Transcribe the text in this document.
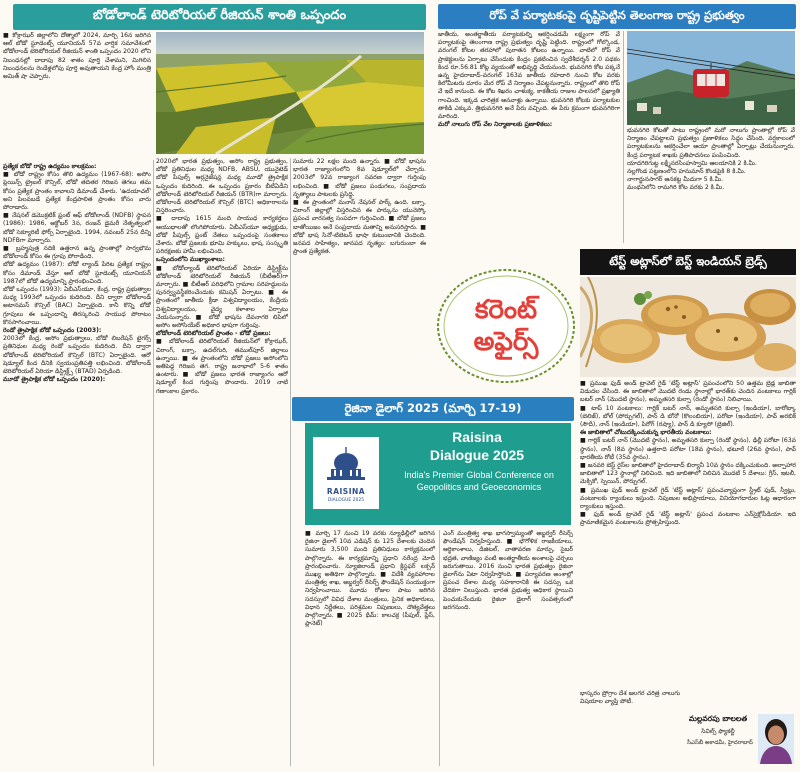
బోడోలాండ్ టెరిటోరియల్ రీజియన్ శాంతి ఒప్పందం
■ కోక్రాఝర్ జిల్లాలోని దోత్మాలో 2024, మార్చి 16న జరిగిన ఆల్ బోడో స్టూడెంట్స్ యూనియన్ 57వ వార్షిక సమావేశంలో బోడోలాండ్ టెరిటోరియల్ రీజియన్ శాంతి ఒప్పందం 2020 లోని నిబంధనల్లో దాదాపు 82 శాతం పూర్తి చేశామని, మిగిలిన నిబంధనలను రెండేళ్లలోపు పూర్తి అవుతాయని కేంద్ర హోం మంత్రి అమిత్ షా చెప్పారు.
ప్రత్యేక బోడో రాష్ట్ర ఉద్యమం కాలక్రమం:
■ బోడో రాష్ట్రం కోసం తొలి ఉద్యమం (1967-68): అసోం ప్లెయిన్స్ ట్రైబల్ కౌన్సిల్, బోడో తదితర గిరిజన తెగలు తమ కోసం ప్రత్యేక ప్రాంతం కావాలని డిమాండ్ చేశారు. 'ఉదయాచల్' అని పిలవబడే ప్రత్యేక కేంద్రపాలిత ప్రాంతం కోసం వారు పోరాడారు.
■ నేషనల్ డెమొక్రటిక్ ఫ్రంట్ ఆఫ్ బోడోలాండ్ (NDFB) స్థాపన (1986): 1986, అక్టోబర్ 3న, రంజన్ డైమరీ నేతృత్వంలో బోడో సెక్యూరిటీ ఫోర్స్ ఏర్పాటైంది. 1994, నవంబర్ 25న దీన్ని NDFBగా మార్చారు.
■ బ్రహ్మపుత్ర నదికి ఉత్తరాన ఉన్న ప్రాంతాల్లో సార్వభౌమ బోడోలాండ్ కోసం ఈ గ్రూపు పోరాడింది.
బోడో ఉద్యమం (1987): బోడో ల్యాండ్ పేరిట ప్రత్యేక రాష్ట్రం కోసం డిమాండ్ చేస్తూ ఆల్ బోడో స్టూడెంట్స్ యూనియన్ 1987లో బోడో ఉద్యమాన్ని ప్రారంభించింది.
బోడో ఒప్పందం (1993): ఏబీఎస్‌యూ, కేంద్ర, రాష్ట్ర ప్రభుత్వాల మధ్య 1993లో ఒప్పందం కుదిరింది. దీని ద్వారా బోడోలాండ్ అటానమస్ కౌన్సిల్ (BAC) ఏర్పాటైంది. కానీ కొన్ని బోడో గ్రూపులు ఈ ఒప్పందాన్ని తిరస్కరించి సాయుధ పోరాటం కొనసాగించాయి.
రెండో త్రైపాక్షిక బోడో ఒప్పందం (2003):
2003లో కేంద్ర, అసోం ప్రభుత్వాలు, బోడో లిబరేషన్ టైగర్స్ ప్రతినిధుల మధ్య రెండో ఒప్పందం కుదిరింది. దీని ద్వారా బోడోలాండ్ టెరిటోరియల్ కౌన్సిల్ (BTC) ఏర్పాటైంది. ఆరో షెడ్యూల్ కింద దీనికి స్వయంప్రతిపత్తి లభించింది. బోడోలాండ్ టెరిటోరియల్ ఏరియా డిస్ట్రిక్ట్స్ (BTAD) ఏర్పడింది.
మూడో త్రైపాక్షిక బోడో ఒప్పందం (2020):
2020లో భారత ప్రభుత్వం, అసోం రాష్ట్ర ప్రభుత్వం, బోడో ప్రతినిధుల మధ్య NDFB, ABSU, యునైటెడ్ బోడో పీపుల్స్ ఆర్గనైజేషన్ల మధ్య మూడో త్రైపాక్షిక ఒప్పందం కుదిరింది. ఈ ఒప్పందం ప్రకారం బీటీఏడీని బోడోలాండ్ టెరిటోరియల్ రీజియన్ (BTR)గా మార్చారు. బోడోలాండ్ టెరిటోరియల్ కౌన్సిల్ (BTC) అధికారాలను విస్తరించారు.
■ దాదాపు 1615 మంది సాయుధ కార్యకర్తలు ఆయుధాలతో లొంగిపోయారు. ఏబీఎస్‌యూ అధ్యక్షుడు, బోడో పీపుల్స్ ఫ్రంట్ నేతలు ఒప్పందంపై సంతకాలు చేశారు. బోడో ప్రజలకు భూమి హక్కులు, భాష, సంస్కృతి పరిరక్షణకు హామీ లభించింది.
ఒప్పందంలోని ముఖ్యాంశాలు:
■ బోడోల్యాండ్ టెరిటోరియల్ ఏరియా డిస్ట్రిక్ట్‌ను బోడోలాండ్ టెరిటోరియల్ రీజియన్ (బీటీఆర్)గా మార్చారు. ■ బీటీఆర్ పరిధిలోని గ్రామాల సరిహద్దులను పునర్వ్యవస్థీకరించేందుకు కమిషన్ ఏర్పాటు. ■ ఈ ప్రాంతంలో జాతీయ క్రీడా విశ్వవిద్యాలయం, కేంద్రీయ విశ్వవిద్యాలయం, వైద్య కళాశాల ఏర్పాటు చేయనున్నారు. ■ బోడో భాషను దేవనాగరి లిపిలో అసోం అసోసియేట్ అధికార భాషగా గుర్తింపు.
బోడోలాండ్ టెరిటోరియల్ ప్రాంతం - బోడో ప్రజలు:
■ బోడోలాండ్ టెరిటోరియల్ రీజియన్‌లో కోక్రాఝర్, చిరాంగ్, బక్సా, ఉదల్‌గురి, తముల్‌పూర్ జిల్లాలు ఉన్నాయి. ■ ఈ ప్రాంతంలోని బోడో ప్రజలు అసోంలోని అతిపెద్ద గిరిజన తెగ. రాష్ట్ర జనాభాలో 5-6 శాతం ఉంటారు. ■ బోడో ప్రజలు భారత రాజ్యాంగం ఆరో షెడ్యూల్ కింద గుర్తింపు పొందారు. 2019 నాటి గణాంకాల ప్రకారం.
సుమారు 22 లక్షల మంది ఉన్నారు. ■ బోడో భాషను భారత రాజ్యాంగంలోని 8వ షెడ్యూల్‌లో చేర్చారు. 2003లో 92వ రాజ్యాంగ సవరణ ద్వారా గుర్తింపు లభించింది. ■ బోడో ప్రజలు పండుగలు, సంప్రదాయ నృత్యాలు పాటలకు ప్రసిద్ధి.
■ ఈ ప్రాంతంలో మనాస్ నేషనల్ పార్క్ ఉంది. బక్సా, చిరాంగ్ జిల్లాల్లో విస్తరించిన ఈ పార్కును యునెస్కో ప్రపంచ వారసత్వ సంపదగా గుర్తించింది. ■ బోడో ప్రజలు బాతోయిజం అనే సంప్రదాయ మతాన్ని అనుసరిస్తారు. ■ బోడో భాష సినో-టిబెటన్ భాషా కుటుంబానికి చెందింది. జనపద సాహిత్యం, జానపద నృత్యం: బగురుంబా ఈ ప్రాంత ప్రత్యేకత.
రోప్ వే పర్యాటకంపై దృష్టిపెట్టిన తెలంగాణ రాష్ట్ర ప్రభుత్వం
జాతీయ, అంతర్జాతీయ పర్యాటకుల్ని ఆకర్షించడమే లక్ష్యంగా రోప్ వే పర్యాటకంపై తెలంగాణ రాష్ట్ర ప్రభుత్వం దృష్టి పెట్టింది. రాష్ట్రంలో గోల్కొండ, వరంగల్ కోటల తరహాలో పురాతన కోటలు ఉన్నాయి. వాటిలో రోప్ వే ప్రాజెక్టులను ఏర్పాటు చేసేందుకు కేంద్రం ప్రకటించిన స్వదేశీదర్శన్ 2.0 పథకం కింద రూ.56.81 కోట్ల వ్యయంతో అభివృద్ధి చేయనుంది. భువనగిరి కోట పక్కనే ఉన్న హైదరాబాద్-వరంగల్ 163వ జాతీయ రహదారి నుంచి కోట వరకు కిలోమీటరు దూరం మేర రోప్ వే నిర్మాణం చేపట్టనున్నారు. రాష్ట్రంలో తొలి రోప్ వే ఇదే కానుంది. ఈ కోట శిఖరం చాళుక్య, కాకతీయ రాజుల పాలనలో ప్రఖ్యాతి గాంచింది. ఇక్కడ చారిత్రక ఆనవాళ్లు ఉన్నాయి. భువనగిరి కోటకు పర్యాటకుల తాకిడి ఎక్కువ. త్రిభువనగిరి అనే పేరు వచ్చింది. ఈ పేరు క్రమంగా భువనగిరిగా మారింది.
మరో నాలుగు రోప్ వేల నిర్మాణాలకు ప్రణాళికలు:
భువనగిరి కోటతో పాటు రాష్ట్రంలో మరో నాలుగు ప్రాంతాల్లో రోప్ వే నిర్మాణం చేపట్టాలని ప్రభుత్వం ప్రణాళికలు సిద్ధం చేసింది. వర్షకాలంలో పర్యాటకులను ఆకర్షించేలా ఆయా ప్రాంతాల్లో ఏర్పాట్లు చేయనున్నారు. కేంద్ర పర్యాటక శాఖకు ప్రతిపాదనలు పంపించింది.
యాదగిరిగుట్ట లక్ష్మీనరసింహస్వామి ఆలయానికి 2 కి.మీ.
నల్లగొండ పట్టణంలోని హనుమాన్ కొండపైకి 8 కి.మీ.
నాగార్జునసాగర్ ఆనకట్ట మీదుగా 5 కి.మీ.
మంథనిలోని రామగిరి కోట వరకు 2 కి.మీ.
కరెంట్
అఫైర్స్
టేస్ట్ అట్లాస్‌లో బెస్ట్ ఇండియన్ బ్రెడ్స్
■ ప్రముఖ ఫుడ్ అండ్ ట్రావెల్ గైడ్ 'టేస్ట్ అట్లాస్' ప్రపంచంలోని 50 ఉత్తమ బ్రెడ్ల జాబితా విడుదల చేసింది. ఈ జాబితాలో మొదటి రెండు స్థానాల్లో భారత్‌కు చెందిన వంటకాలు గార్లిక్ బటర్ నాన్ (మొదటి స్థానం), అమృతసరి కుల్చా (రెండో స్థానం) నిలిచాయి.
■ టాప్ 10 వంటకాలు: గార్లిక్ బటర్ నాన్, అమృతసరి కుల్చా (ఇండియా), బారోట్కా (బెలిజ్), బోల్ (పోర్చుగల్), పాన్ డి బోనో (కొలంబియా), పరోటా (ఇండియా), పావ్ అరబిక్ (సౌదీ), నాన్ (ఇండియా), పిరోగ్ (రష్యా), పాన్ డి క్యూసో (బ్రెజిల్).
ఈ జాబితాలో చోటుదక్కించుకున్న భారతీయ వంటకాలు:
■ గార్లిక్ బటర్ నాన్ (మొదటి స్థానం), అమృతసరి కుల్చా (రెండో స్థానం), ఢిల్లీ పరోటా (63వ స్థానం), నాన్ (8వ స్థానం) ఉత్తరాది పరోటా (18వ స్థానం), భటూరే (26వ స్థానం), పావ్ భారతీయ రోటీ (35వ స్థానం).
■ జనవరి బెస్ట్ రైస్‌ల జాబితాలో హైదరాబాద్ బిర్యానీ 10వ స్థానం దక్కించుకుంది. అల్పాహార జాబితాలో 123 స్థానాల్లో నిలిచింది. ఇది జాబితాలో నిలిచిన మొదటి 5 దేశాలు: గ్రీస్, ఇటలీ, మెక్సికో, స్పెయిన్, పోర్చుగల్.
■ ప్రముఖ ఫుడ్ అండ్ ట్రావెల్ గైడ్ 'టేస్ట్ అట్లాస్' ప్రపంచవ్యాప్తంగా స్ట్రీట్ ఫుడ్, స్వీట్లు, వంటకాలకు ర్యాంకులు ఇస్తుంది. నిపుణుల అభిప్రాయాలు, వినియోగదారుల ఓట్ల ఆధారంగా ర్యాంకులు ఇస్తుంది.
■ ఫుడ్ అండ్ ట్రావెల్ గైడ్ 'టేస్ట్ అట్లాస్' ప్రపంచ వంటకాల ఎన్‌సైక్లోపీడియా. ఇది ప్రామాణికమైన వంటకాలను ప్రోత్సహిస్తుంది.
భాస్కరం ప్రోగ్రాం దేశ జలగర చరిత్ర నాలుగు విషయాల వ్యాప్తి పోటీ.
మల్లవరపు బాలలత
సివిల్స్ ఫ్యాకల్టీ
సీఎస్‌బీ అకాడమీ, హైదరాబాద్
రైజినా డైలాగ్ 2025 (మార్చి 17-19)
RAISINA
DIALOGUE 2025
Raisina
Dialogue 2025
India's Premier Global Conference on Geopolitics and Geoeconomics
■ మార్చి 17 నుంచి 19 వరకు న్యూఢిల్లీలో జరిగిన రైజినా డైలాగ్ 10వ ఎడిషన్ కు 125 దేశాలకు చెందిన సుమారు 3,500 మంది ప్రతినిధులు కార్యక్రమంలో పాల్గొన్నారు. ఈ కార్యక్రమాన్ని ప్రధాని నరేంద్ర మోదీ ప్రారంభించారు. న్యూజిలాండ్ ప్రధాని క్రిస్టఫర్ లక్సన్ ముఖ్య అతిథిగా పాల్గొన్నారు. ■ విదేశీ వ్యవహారాల మంత్రిత్వ శాఖ, అబ్జర్వర్ రీసెర్చ్ ఫౌండేషన్ సంయుక్తంగా నిర్వహించాయి. మూడు రోజుల పాటు జరిగిన సదస్సులో వివిధ దేశాల మంత్రులు, సైనిక అధికారులు, విధాన నిర్ణేతలు, పరిశ్రమల నిపుణులు, దౌత్యవేత్తలు పాల్గొన్నారు. ■ 2025 థీమ్: కాలచక్ర (పీపుల్, ప్లేస్, ప్లానెట్)
ఎంగ్ మంత్రిత్వ శాఖ భాగస్వామ్యంతో అబ్జర్వర్ రీసెర్చ్ ఫౌండేషన్ నిర్వహిస్తుంది. ■ భౌగోళిక రాజకీయాలు, ఆర్థికాంశాలు, డిజిటల్, వాతావరణ మార్పు, సైబర్ భద్రత, వాణిజ్యం వంటి అంతర్జాతీయ అంశాలపై చర్చలు జరుగుతాయి. 2016 నుంచి భారత ప్రభుత్వం రైజినా డైలాగ్‌ను ఏటా నిర్వహిస్తోంది. ■ పర్యావరణ అంశాల్లో ప్రపంచ దేశాల మధ్య సహకారానికి ఈ సదస్సు ఒక వేదికగా నిలుస్తుంది. భారత ప్రభుత్వ ఆధికార స్థాయిని పెంచుకునేందుకు రైజినా డైలాగ్ సంవత్సరంలో జరగనుంది.
